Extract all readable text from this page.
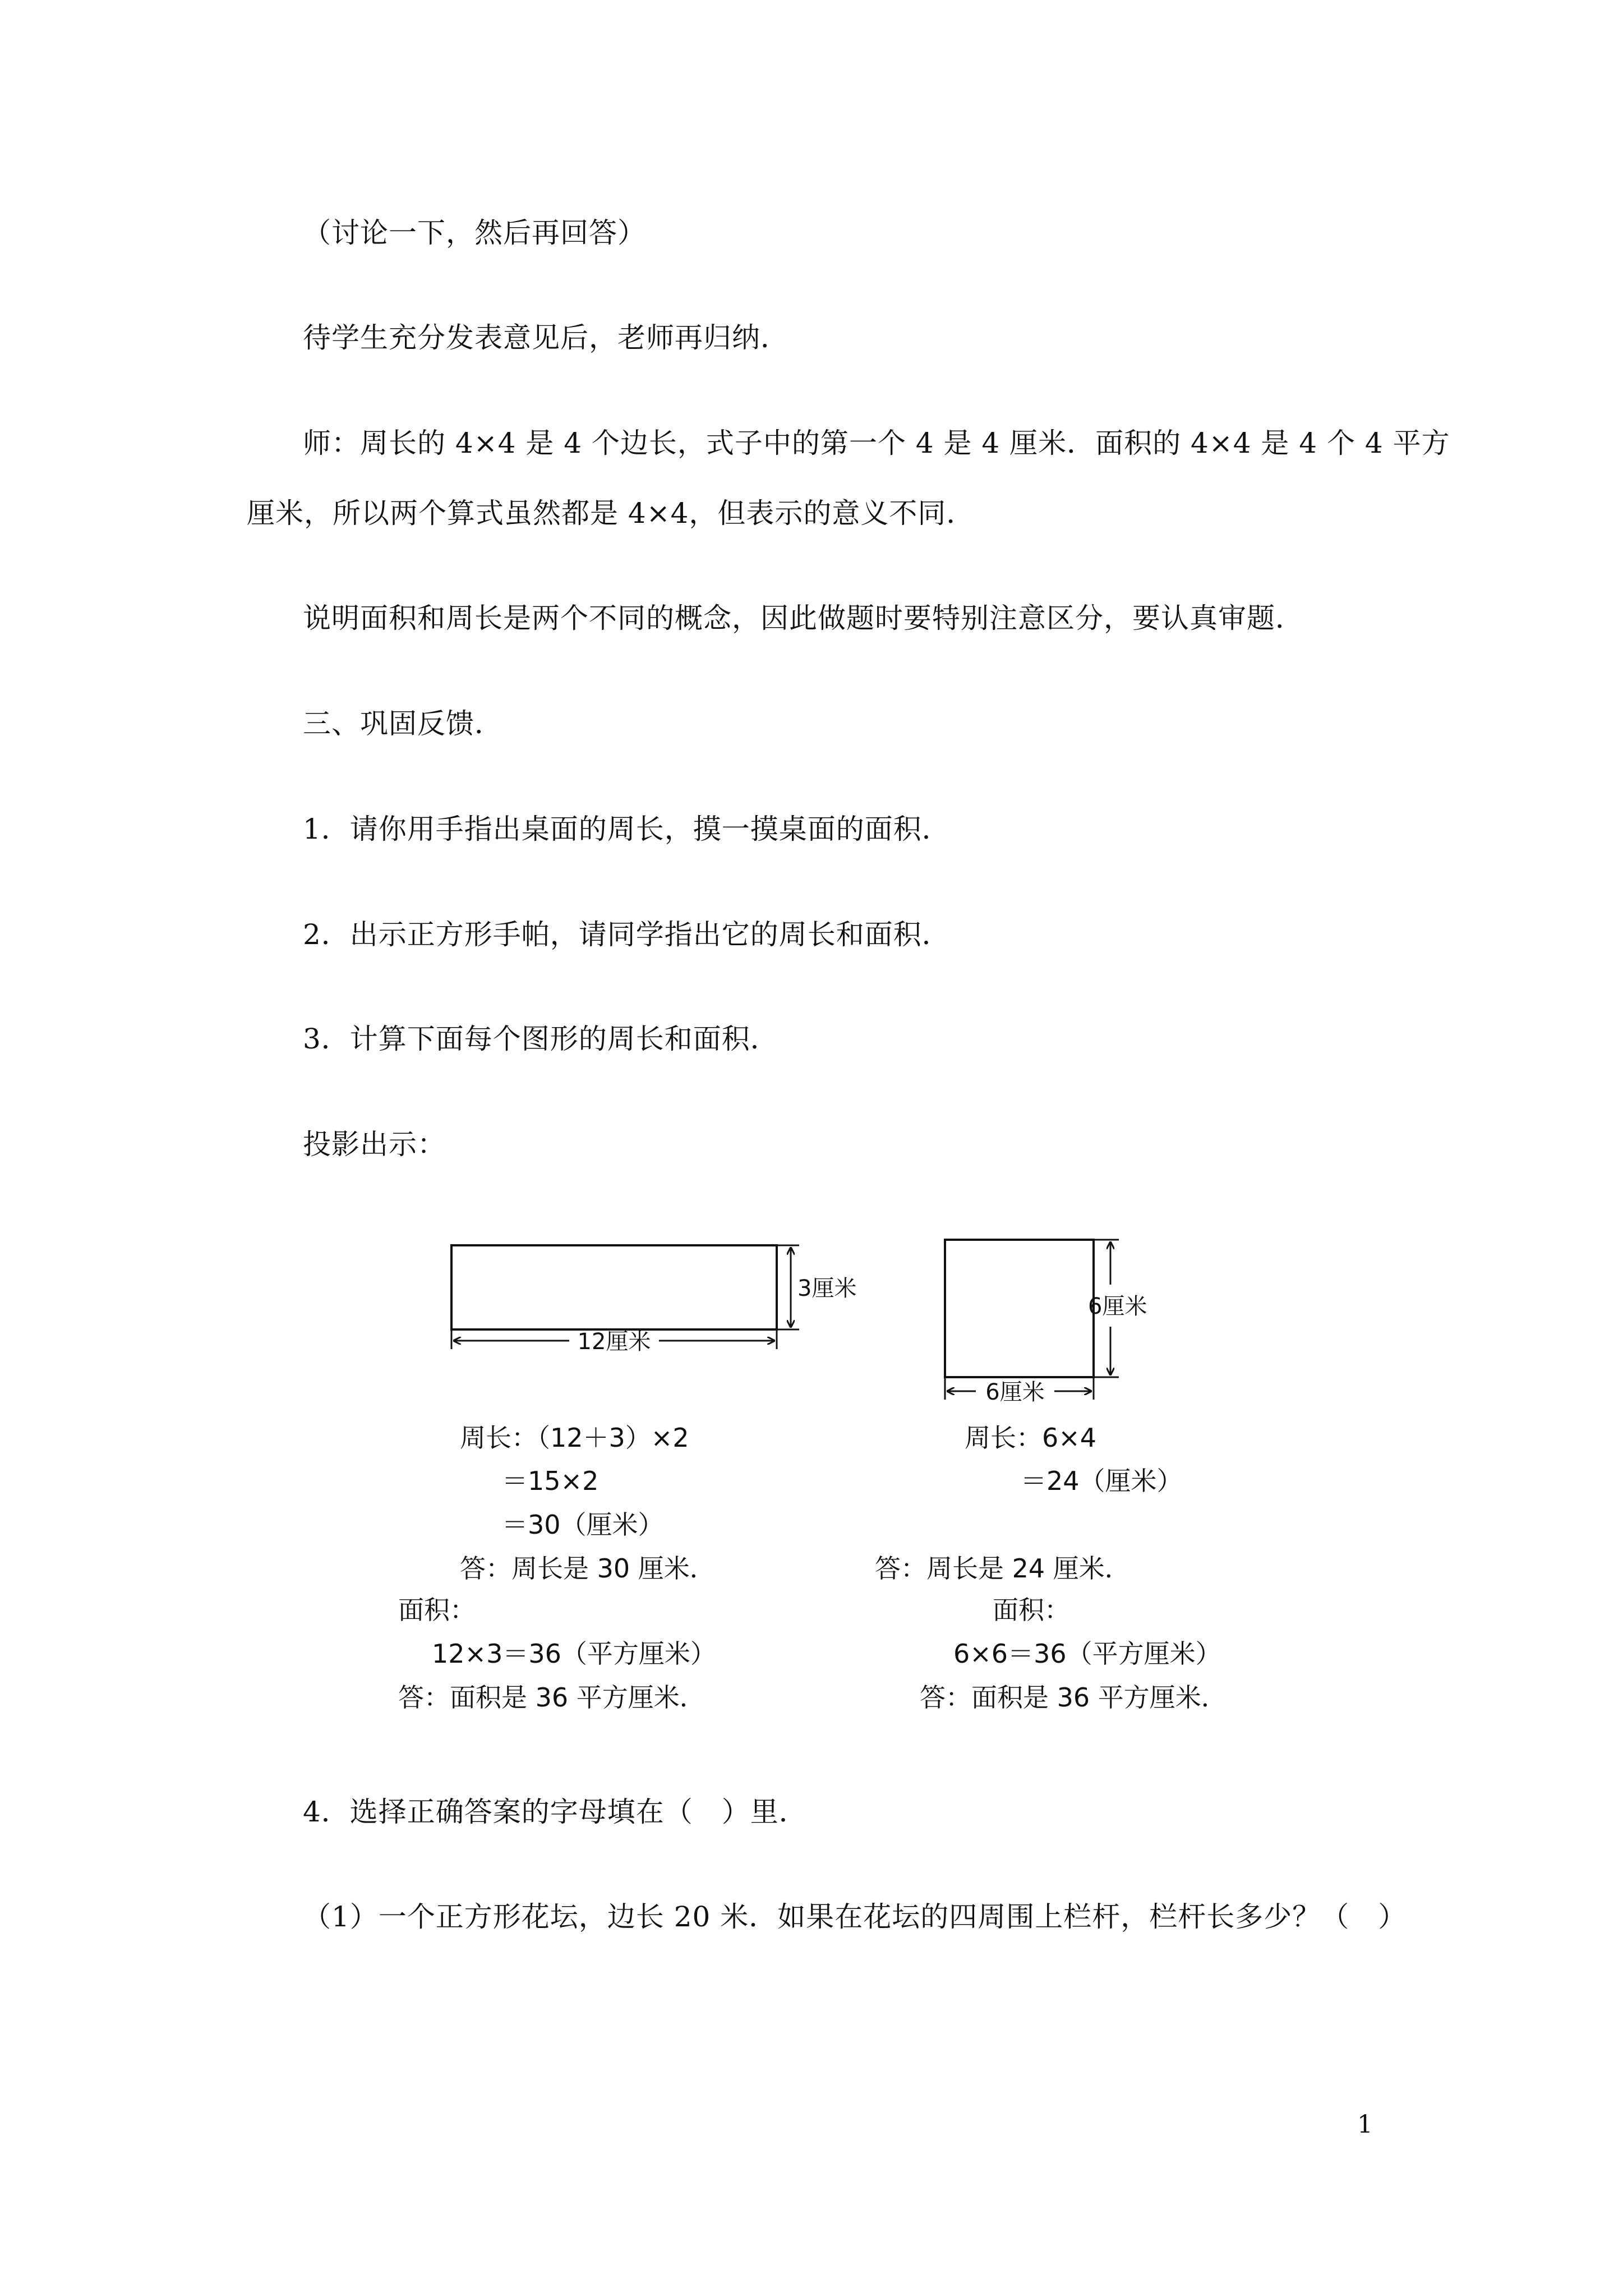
（讨论一下，然后再回答）
待学生充分发表意见后，老师再归纳．
师：周长的 4×4 是 4 个边长，式子中的第一个 4 是 4 厘米．面积的 4×4 是 4 个 4 平方
厘米，所以两个算式虽然都是 4×4，但表示的意义不同．
说明面积和周长是两个不同的概念，因此做题时要特别注意区分，要认真审题．
三、巩固反馈．
1．请你用手指出桌面的周长，摸一摸桌面的面积．
2．出示正方形手帕，请同学指出它的周长和面积．
3．计算下面每个图形的周长和面积．
投影出示：
12厘米
3厘米
6厘米
6厘米
周长：（12＋3）×2
＝15×2
＝30（厘米）
答：周长是 30 厘米．
面积：
12×3＝36（平方厘米）
答：面积是 36 平方厘米．
周长：6×4
＝24（厘米）
答：周长是 24 厘米．
面积：
6×6＝36（平方厘米）
答：面积是 36 平方厘米．
4．选择正确答案的字母填在（　）里．
（1）一个正方形花坛，边长 20 米．如果在花坛的四周围上栏杆，栏杆长多少？（　）
1
